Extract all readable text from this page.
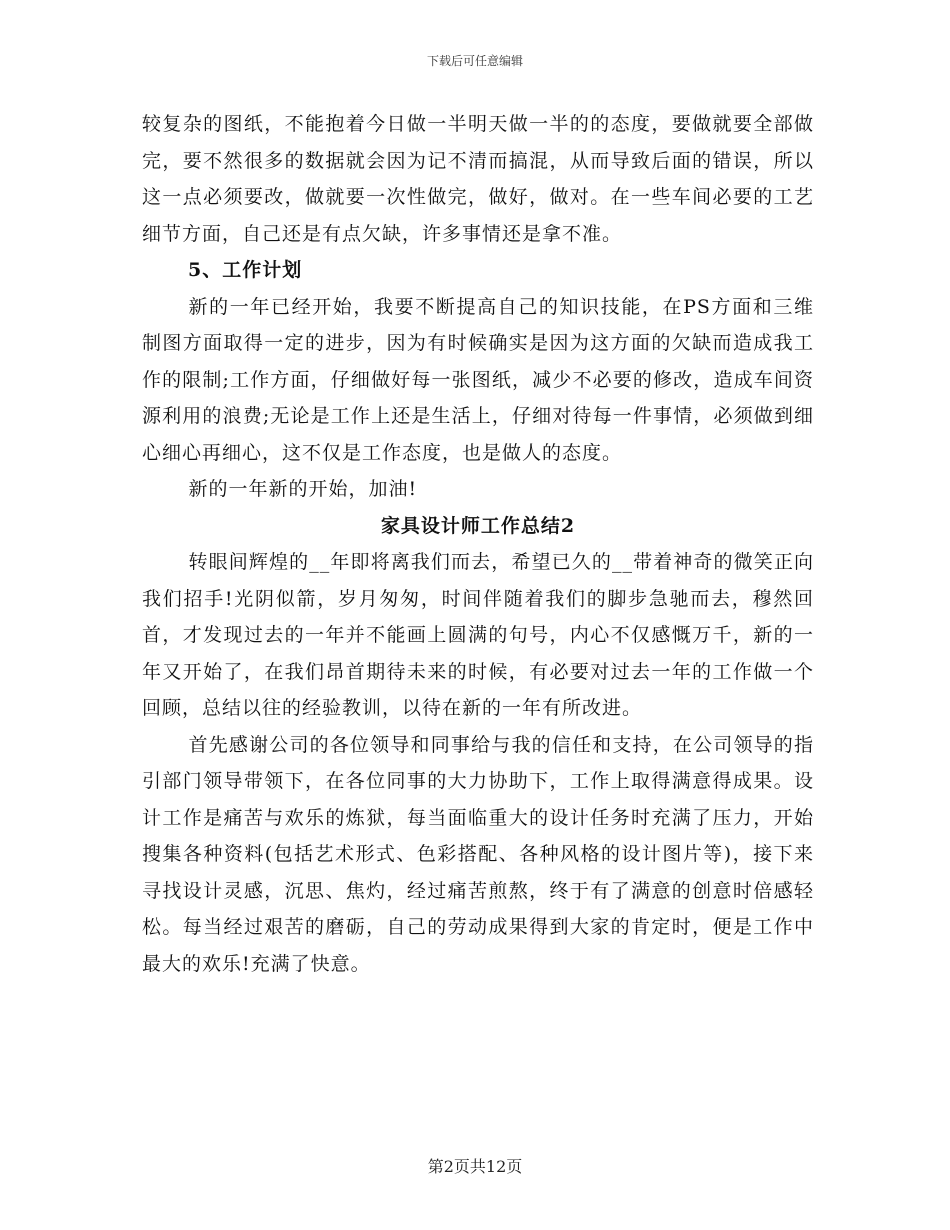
下载后可任意编辑

较复杂的图纸，不能抱着今日做一半明天做一半的的态度，要做就要全部做完，要不然很多的数据就会因为记不清而搞混，从而导致后面的错误，所以这一点必须要改，做就要一次性做完，做好，做对。在一些车间必要的工艺细节方面，自己还是有点欠缺，许多事情还是拿不准。

5、工作计划

新的一年已经开始，我要不断提高自己的知识技能，在PS方面和三维制图方面取得一定的进步，因为有时候确实是因为这方面的欠缺而造成我工作的限制;工作方面，仔细做好每一张图纸，减少不必要的修改，造成车间资源利用的浪费;无论是工作上还是生活上，仔细对待每一件事情，必须做到细心细心再细心，这不仅是工作态度，也是做人的态度。

新的一年新的开始，加油!

家具设计师工作总结2

转眼间辉煌的__年即将离我们而去，希望已久的__带着神奇的微笑正向我们招手!光阴似箭，岁月匆匆，时间伴随着我们的脚步急驰而去，穆然回首，才发现过去的一年并不能画上圆满的句号，内心不仅感慨万千，新的一年又开始了，在我们昂首期待未来的时候，有必要对过去一年的工作做一个回顾，总结以往的经验教训，以待在新的一年有所改进。

首先感谢公司的各位领导和同事给与我的信任和支持，在公司领导的指引部门领导带领下，在各位同事的大力协助下，工作上取得满意得成果。设计工作是痛苦与欢乐的炼狱，每当面临重大的设计任务时充满了压力，开始搜集各种资料(包括艺术形式、色彩搭配、各种风格的设计图片等)，接下来寻找设计灵感，沉思、焦灼，经过痛苦煎熬，终于有了满意的创意时倍感轻松。每当经过艰苦的磨砺，自己的劳动成果得到大家的肯定时，便是工作中最大的欢乐!充满了快意。

第2页共12页
